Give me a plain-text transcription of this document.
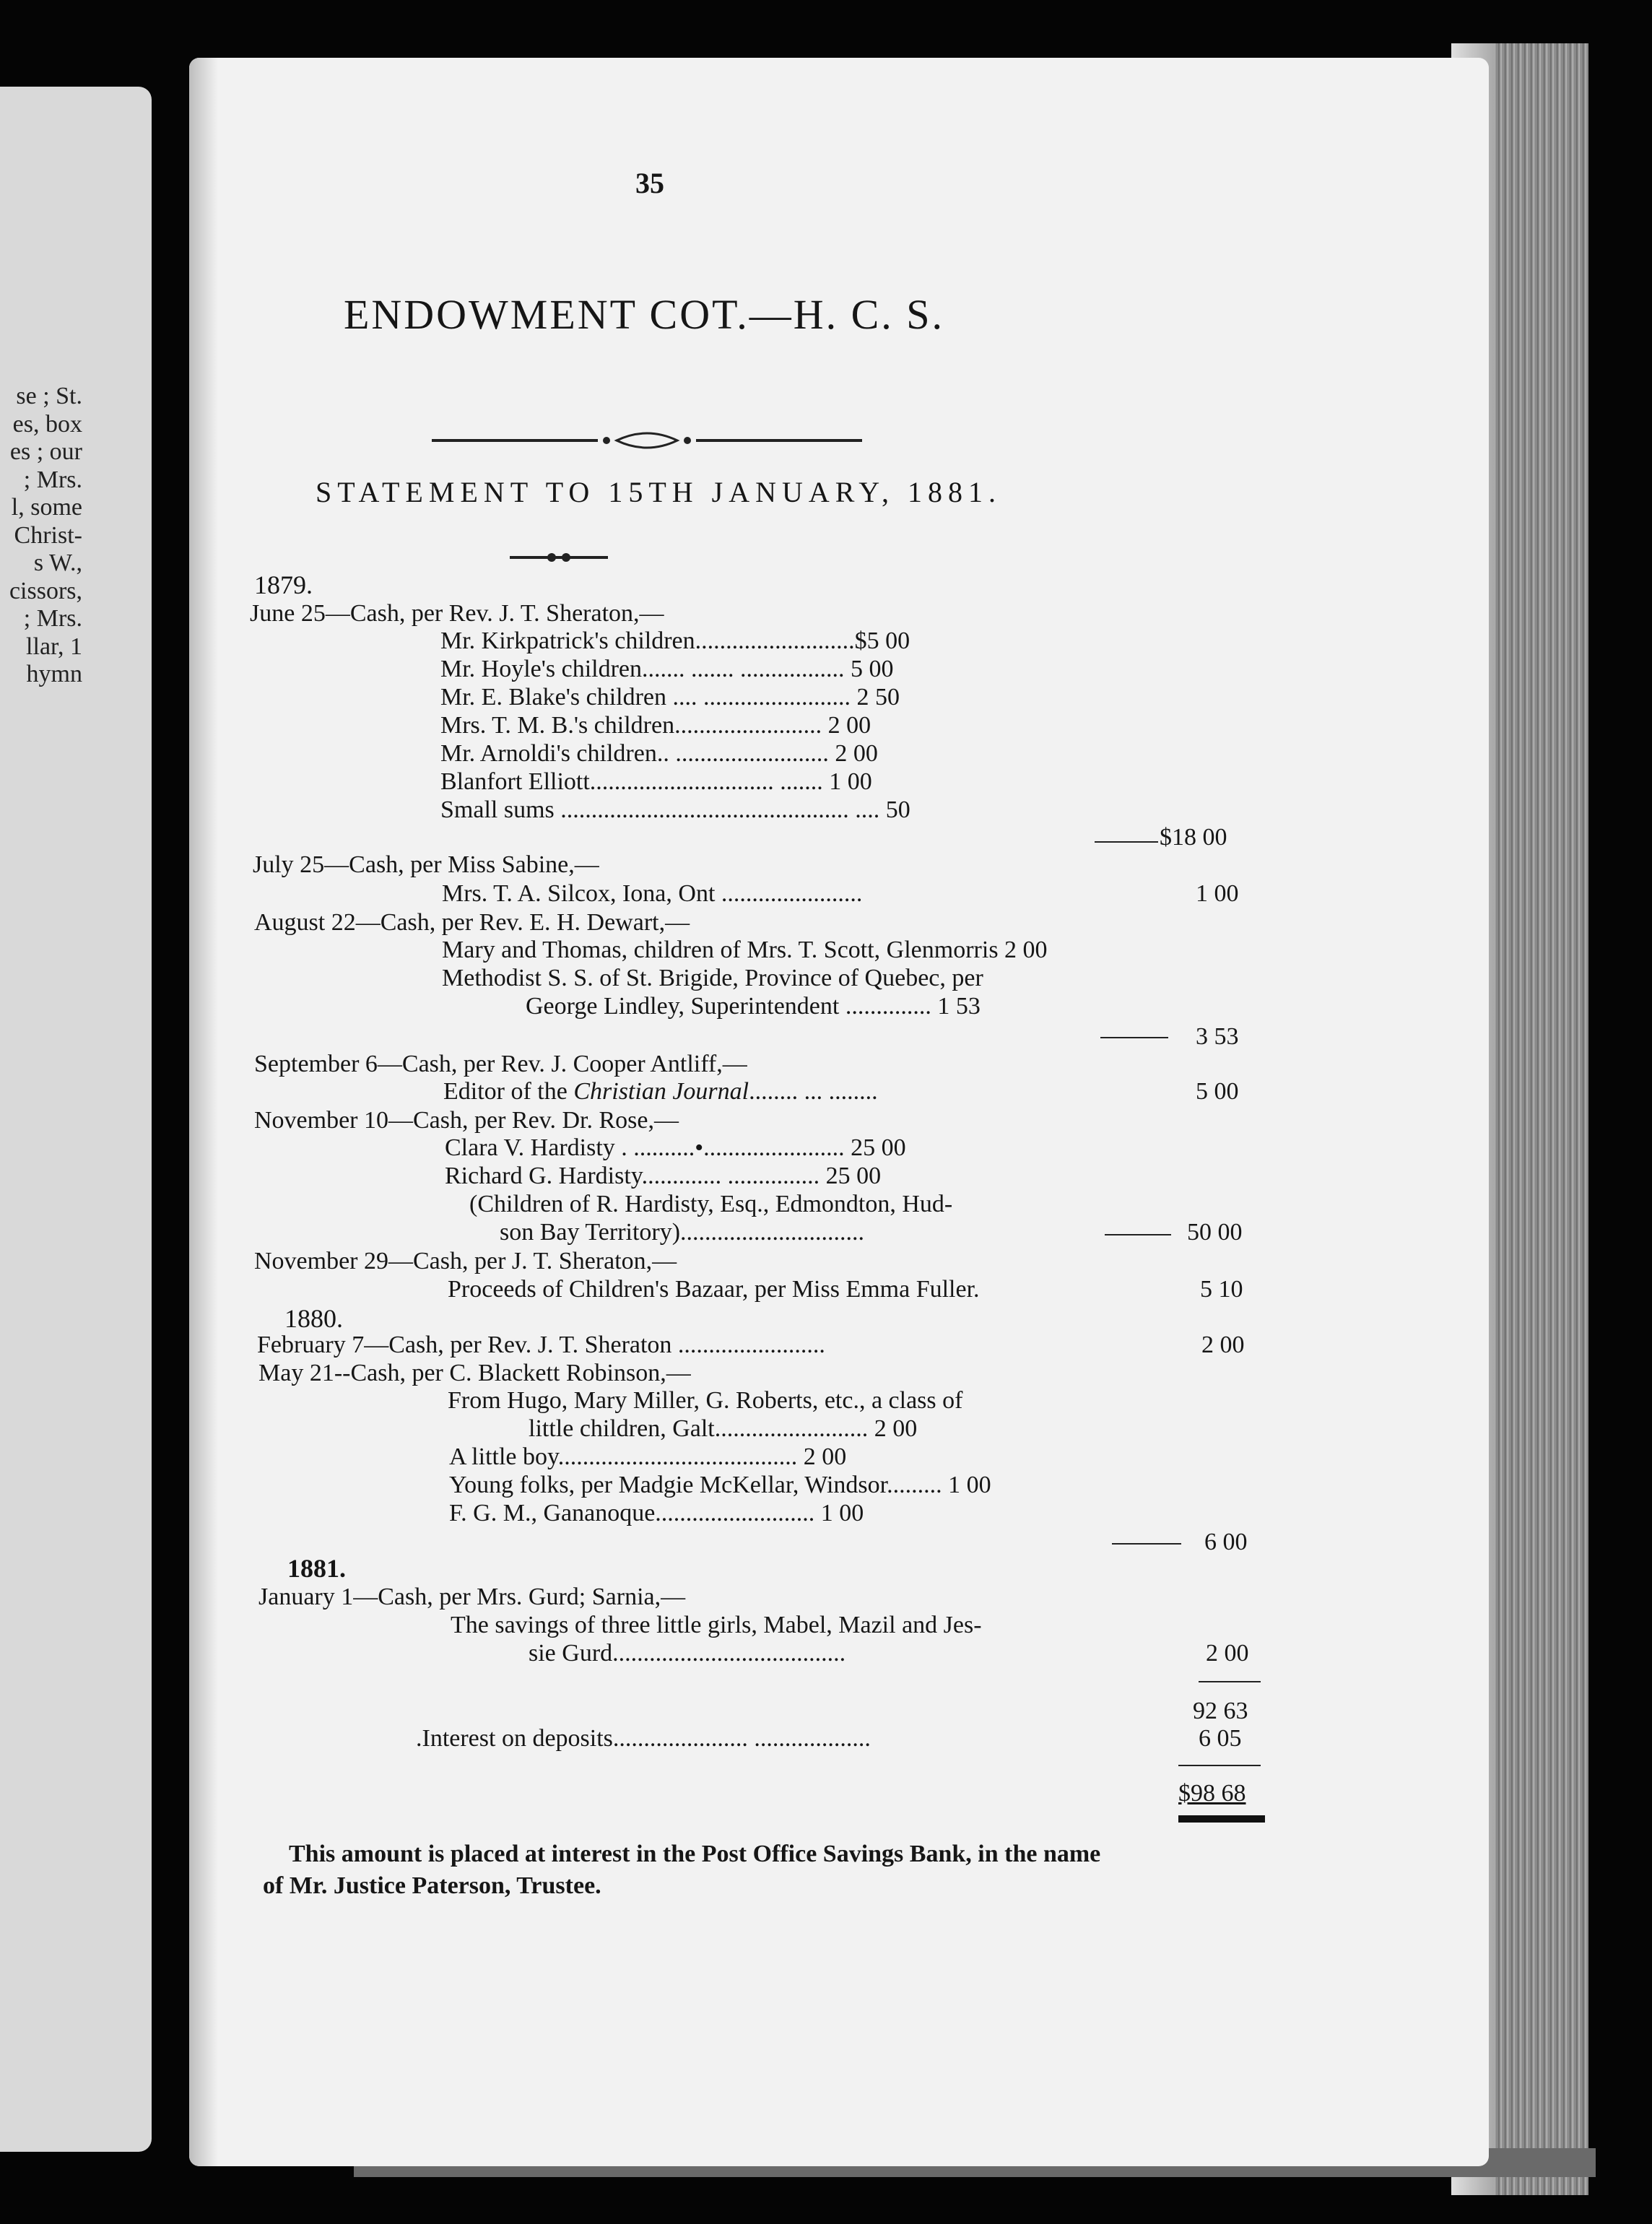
se ; St.
es, box
es ; our
; Mrs.
l, some
Christ-
s W.,
cissors,
; Mrs.
llar, 1
hymn
35
ENDOWMENT COT.—H. C. S.
STATEMENT TO 15TH JANUARY, 1881.
1879.
June 25—Cash, per Rev. J. T. Sheraton,—
Mr. Kirkpatrick's children..........................$5 00
Mr. Hoyle's children....... ....... ................. 5 00
Mr. E. Blake's children .... ........................ 2 50
Mrs. T. M. B.'s children........................ 2 00
Mr. Arnoldi's children.. ......................... 2 00
Blanfort Elliott.............................. ....... 1 00
Small sums ............................................... .... 50
$18 00
July 25—Cash, per Miss Sabine,—
Mrs. T. A. Silcox, Iona, Ont .......................	1 00
August 22—Cash, per Rev. E. H. Dewart,—
Mary and Thomas, children of Mrs. T. Scott, Glenmorris 2 00
Methodist S. S. of St. Brigide, Province of Quebec, per
George Lindley, Superintendent .............. 1 53
3 53
September 6—Cash, per Rev. J. Cooper Antliff,—
Editor of the Christian Journal........ ... ........	5 00
November 10—Cash, per Rev. Dr. Rose,—
Clara V. Hardisty . ..........•....................... 25 00
Richard G. Hardisty............. ............... 25 00
(Children of R. Hardisty, Esq., Edmondton, Hud-
son Bay Territory)..............................	50 00
November 29—Cash, per J. T. Sheraton,—
Proceeds of Children's Bazaar, per Miss Emma Fuller.	5 10
1880.
February 7—Cash, per Rev. J. T. Sheraton ........................	2 00
May 21--Cash, per C. Blackett Robinson,—
From Hugo, Mary Miller, G. Roberts, etc., a class of
little children, Galt......................... 2 00
A little boy....................................... 2 00
Young folks, per Madgie McKellar, Windsor......... 1 00
F. G. M., Gananoque.......................... 1 00
6 00
1881.
January 1—Cash, per Mrs. Gurd; Sarnia,—
The savings of three little girls, Mabel, Mazil and Jes-
sie Gurd......................................	2 00
92 63
.Interest on deposits...................... ...................	6 05
$98 68
This amount is placed at interest in the Post Office Savings Bank, in the name
of Mr. Justice Paterson, Trustee.
